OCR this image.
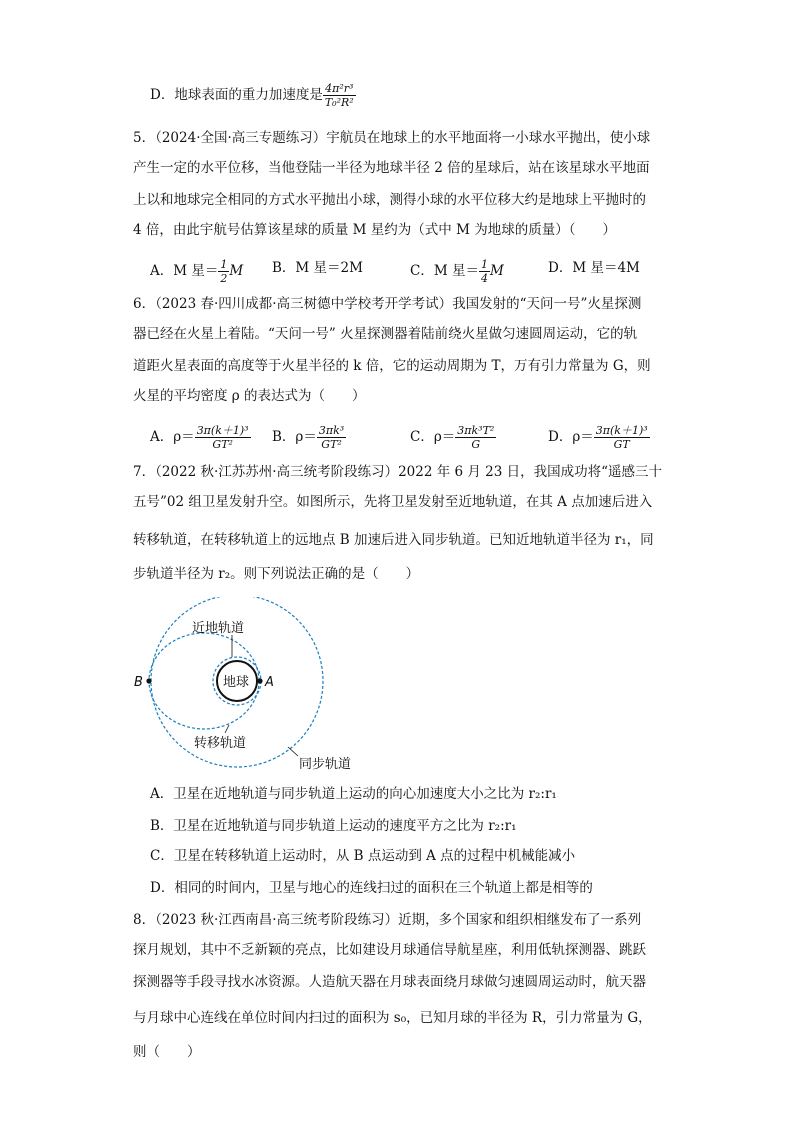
D．地球表面的重力加速度是 $\frac{\text{4π²r³}}{\text{T₀²R²}}$
5．（2024·全国·高三专题练习）宇航员在地球上的水平地面将一小球水平抛出，使小球
产生一定的水平位移，当他登陆一半径为地球半径 2 倍的星球后，站在该星球水平地面
上以和地球完全相同的方式水平抛出小球，测得小球的水平位移大约是地球上平抛时的
4 倍，由此宇航号估算该星球的质量 M 星约为（式中 M 为地球的质量）（　　）
A．M 星＝ $\frac{1}{2}$ M B．M 星＝2M	C．M 星＝ $\frac{1}{4}$ M	D．M 星＝4M
6．（2023 春·四川成都·高三树德中学校考开学考试）我国发射的“天问一号”火星探测
器已经在火星上着陆。“天问一号” 火星探测器着陆前绕火星做匀速圆周运动，它的轨
道距火星表面的高度等于火星半径的 k 倍，它的运动周期为 T，万有引力常量为 G，则
火星的平均密度 ρ 的表达式为（　　）
A．$\rho= \frac{\text{3π(k＋1)³}}{\text{GT²}}$ B．$\rho= \frac{\text{3πk³}}{\text{GT²}}$	C．$\rho= \frac{\text{3πk³T²}}{G}$	D．$\rho= \frac{\text{3π(k＋1)³}}{GT}$
7．（2022 秋·江苏苏州·高三统考阶段练习）2022 年 6 月 23 日，我国成功将“遥感三十
五号”02 组卫星发射升空。如图所示，先将卫星发射至近地轨道，在其 A 点加速后进入
转移轨道，在转移轨道上的远地点 B 加速后进入同步轨道。已知近地轨道半径为 r₁，同
步轨道半径为 r₂。则下列说法正确的是（　　）
地球 A
B
近地轨道
转移轨道
同步轨道
A．卫星在近地轨道与同步轨道上运动的向心加速度大小之比为 r₂:r₁
B．卫星在近地轨道与同步轨道上运动的速度平方之比为 r₂:r₁
C．卫星在转移轨道上运动时，从 B 点运动到 A 点的过程中机械能减小
D．相同的时间内，卫星与地心的连线扫过的面积在三个轨道上都是相等的
8．（2023 秋·江西南昌·高三统考阶段练习）近期，多个国家和组织相继发布了一系列
探月规划，其中不乏新颖的亮点，比如建设月球通信导航星座，利用低轨探测器、跳跃
探测器等手段寻找水冰资源。人造航天器在月球表面绕月球做匀速圆周运动时，航天器
与月球中心连线在单位时间内扫过的面积为 s₀，已知月球的半径为 R，引力常量为 G，
则（　　）
